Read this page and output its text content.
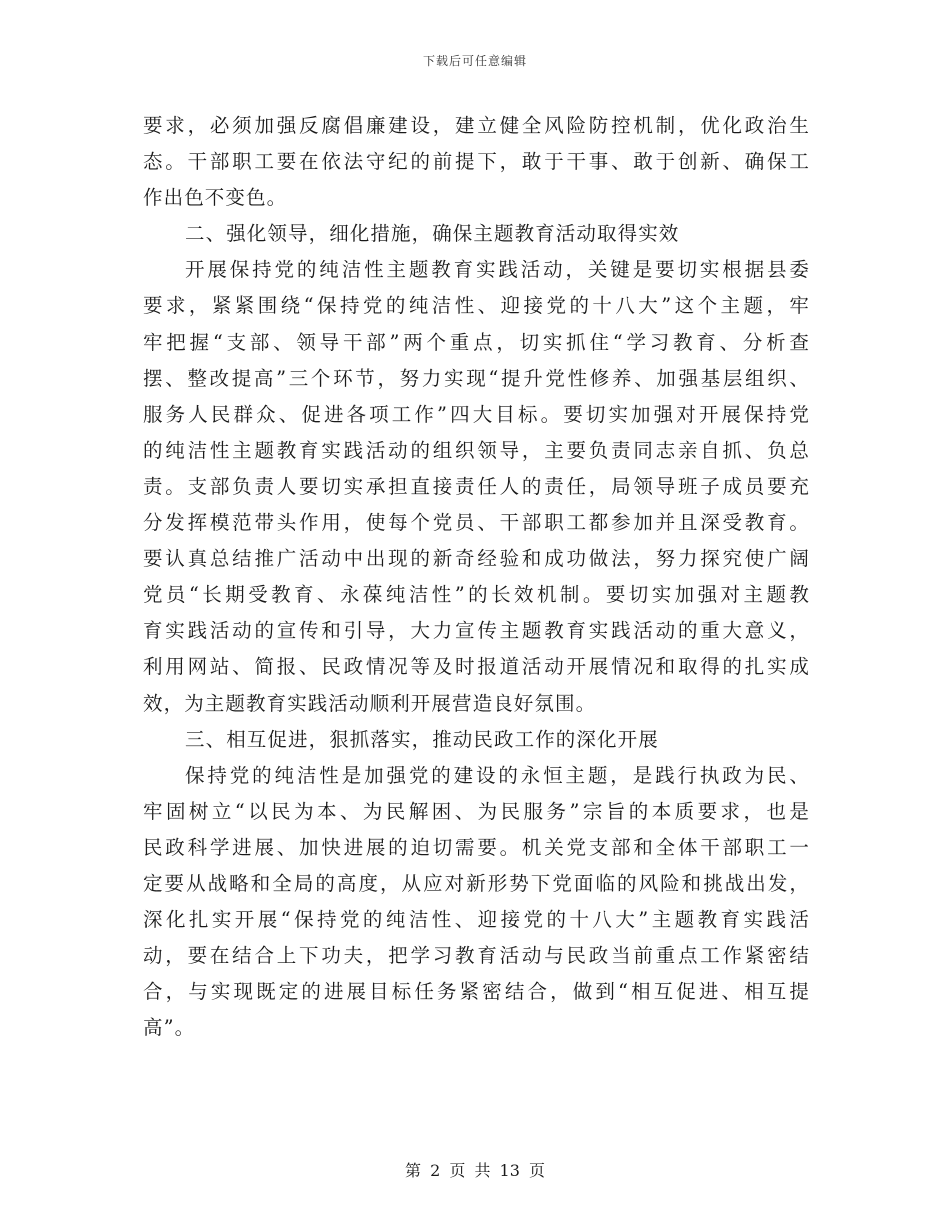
下载后可任意编辑
要求，必须加强反腐倡廉建设，建立健全风险防控机制，优化政治生
态。干部职工要在依法守纪的前提下，敢于干事、敢于创新、确保工
作出色不变色。
二、强化领导，细化措施，确保主题教育活动取得实效
开展保持党的纯洁性主题教育实践活动，关键是要切实根据县委
要求，紧紧围绕“保持党的纯洁性、迎接党的十八大”这个主题，牢
牢把握“支部、领导干部”两个重点，切实抓住“学习教育、分析查
摆、整改提高”三个环节，努力实现“提升党性修养、加强基层组织、
服务人民群众、促进各项工作”四大目标。要切实加强对开展保持党
的纯洁性主题教育实践活动的组织领导，主要负责同志亲自抓、负总
责。支部负责人要切实承担直接责任人的责任，局领导班子成员要充
分发挥模范带头作用，使每个党员、干部职工都参加并且深受教育。
要认真总结推广活动中出现的新奇经验和成功做法，努力探究使广阔
党员“长期受教育、永葆纯洁性”的长效机制。要切实加强对主题教
育实践活动的宣传和引导，大力宣传主题教育实践活动的重大意义，
利用网站、简报、民政情况等及时报道活动开展情况和取得的扎实成
效，为主题教育实践活动顺利开展营造良好氛围。
三、相互促进，狠抓落实，推动民政工作的深化开展
保持党的纯洁性是加强党的建设的永恒主题，是践行执政为民、
牢固树立“以民为本、为民解困、为民服务”宗旨的本质要求，也是
民政科学进展、加快进展的迫切需要。机关党支部和全体干部职工一
定要从战略和全局的高度，从应对新形势下党面临的风险和挑战出发，
深化扎实开展“保持党的纯洁性、迎接党的十八大”主题教育实践活
动，要在结合上下功夫，把学习教育活动与民政当前重点工作紧密结
合，与实现既定的进展目标任务紧密结合，做到“相互促进、相互提
高”。
第 2 页 共 13 页
